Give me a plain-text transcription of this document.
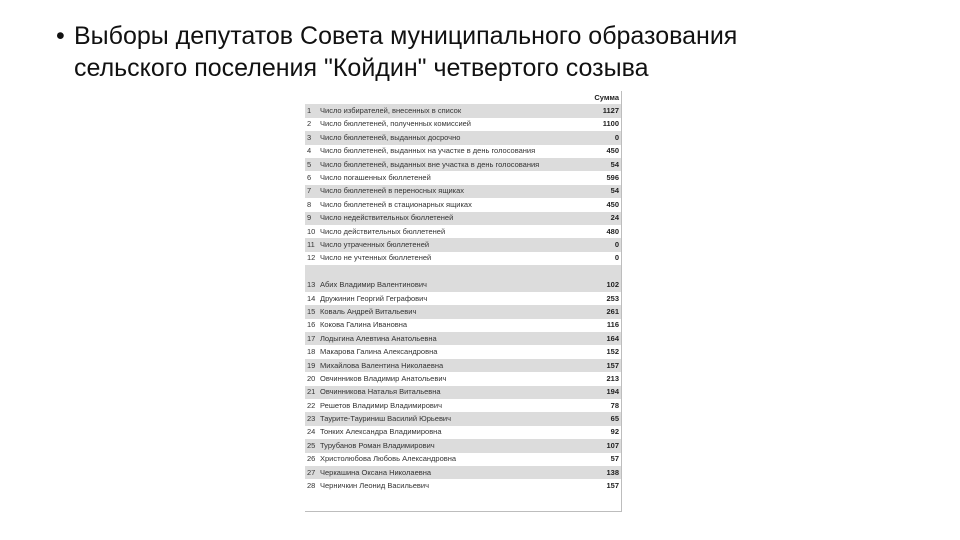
• Выборы депутатов Совета муниципального образования
сельского поселения "Койдин" четвертого созыва
		Сумма
1	Число избирателей, внесенных в список	1127
2	Число бюллетеней, полученных комиссией	1100
3	Число бюллетеней, выданных досрочно	0
4	Число бюллетеней, выданных на участке в день голосования	450
5	Число бюллетеней, выданных вне участка в день голосования	54
6	Число погашенных бюллетеней	596
7	Число бюллетеней в переносных ящиках	54
8	Число бюллетеней в стационарных ящиках	450
9	Число недействительных бюллетеней	24
10	Число действительных бюллетеней	480
11	Число утраченных бюллетеней	0
12	Число не учтенных бюллетеней	0

13	Абих Владимир Валентинович	102
14	Дружинин Георгий Геграфович	253
15	Коваль Андрей Витальевич	261
16	Кокова Галина Ивановна	116
17	Лодыгина Алевтина Анатольевна	164
18	Макарова Галина Александровна	152
19	Михайлова Валентина Николаевна	157
20	Овчинников Владимир Анатольевич	213
21	Овчинникова Наталья Витальевна	194
22	Решетов Владимир Владимирович	78
23	Таурите-Тауриниш Василий Юрьевич	65
24	Тонких Александра Владимировна	92
25	Турубанов Роман Владимирович	107
26	Христолюбова Любовь Александровна	57
27	Черкашина Оксана Николаевна	138
28	Черничкин Леонид Васильевич	157
